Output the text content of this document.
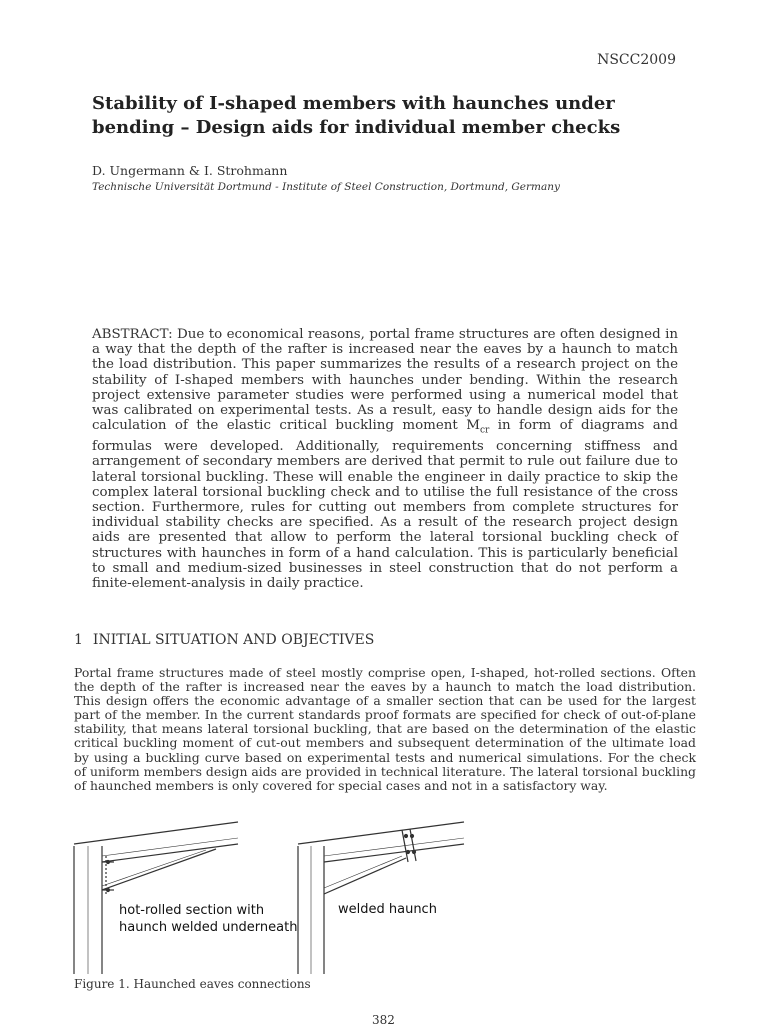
NSCC2009
Stability of I-shaped members with haunches under bending – Design aids for individual member checks
D. Ungermann & I. Strohmann
Technische Universität Dortmund - Institute of Steel Construction, Dortmund, Germany

ABSTRACT: Due to economical reasons, portal frame structures are often designed in a way that the depth of the rafter is increased near the eaves by a haunch to match the load distribution. This paper summarizes the results of a research project on the stability of I-shaped members with haunches under bending. Within the research project extensive parameter studies were performed using a numerical model that was calibrated on experimental tests. As a result, easy to handle design aids for the calculation of the elastic critical buckling moment $M_{cr}$ in form of diagrams and formulas were developed. Additionally, requirements concerning stiffness and arrangement of secondary members are derived that permit to rule out failure due to lateral torsional buckling. These will enable the engineer in daily practice to skip the complex lateral torsional buckling check and to utilise the full resistance of the cross section. Furthermore, rules for cutting out members from complete structures for individual stability checks are specified. As a result of the research project design aids are presented that allow to perform the lateral torsional buckling check of structures with haunches in form of a hand calculation. This is particularly beneficial to small and medium-sized businesses in steel construction that do not perform a finite-element-analysis in daily practice.

1 INITIAL SITUATION AND OBJECTIVES

Portal frame structures made of steel mostly comprise open, I-shaped, hot-rolled sections. Often the depth of the rafter is increased near the eaves by a haunch to match the load distribution. This design offers the economic advantage of a smaller section that can be used for the largest part of the member. In the current standards proof formats are specified for check of out-of-plane stability, that means lateral torsional buckling, that are based on the determination of the elastic critical buckling moment of cut-out members and subsequent determination of the ultimate load by using a buckling curve based on experimental tests and numerical simulations. For the check of uniform members design aids are provided in technical literature. The lateral torsional buckling of haunched members is only covered for special cases and not in a satisfactory way.

hot-rolled section with
haunch welded underneath
welded haunch
Figure 1. Haunched eaves connections
382
